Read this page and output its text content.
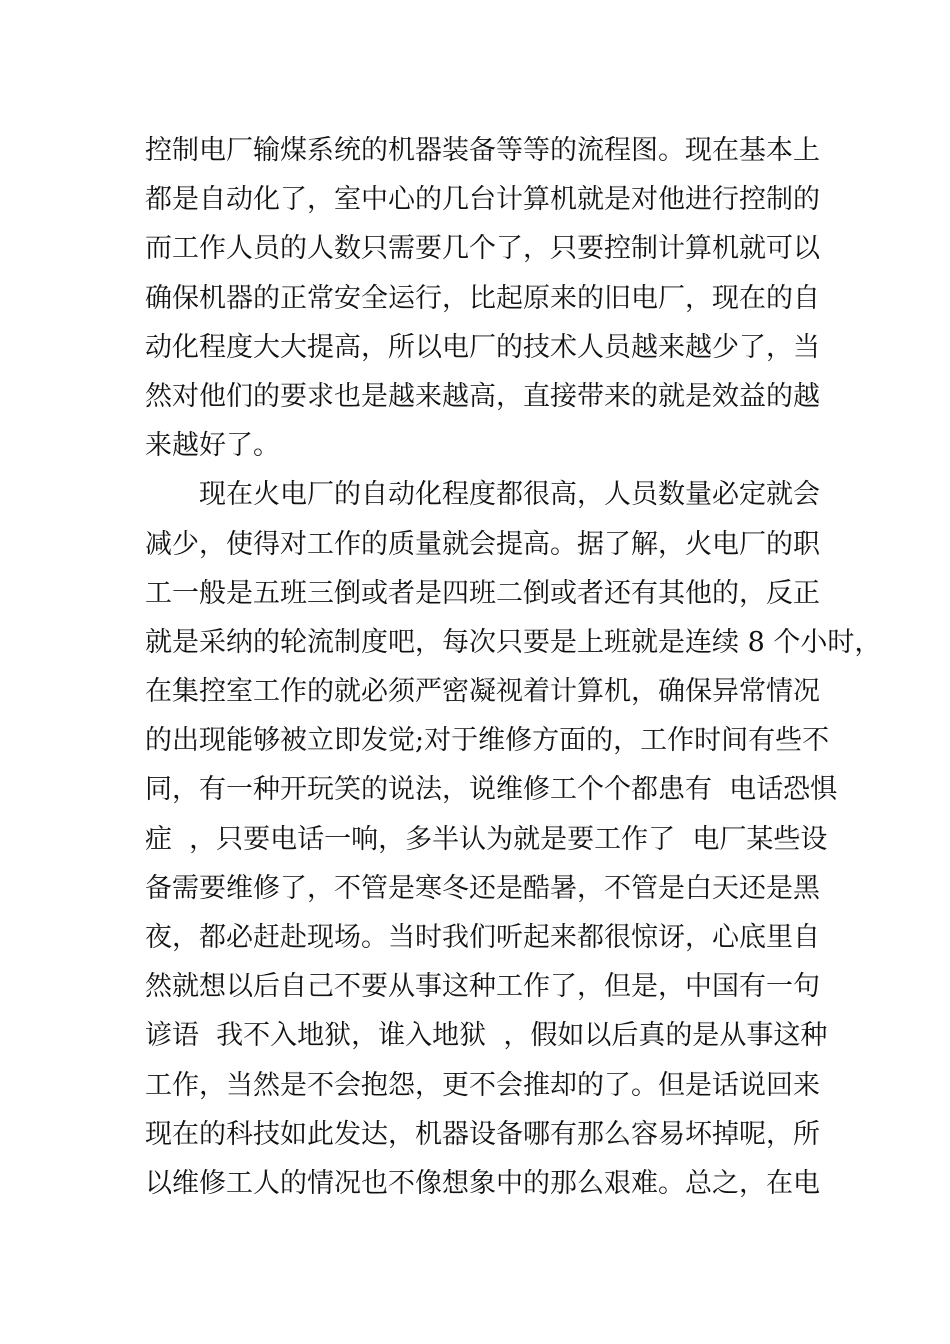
控制电厂输煤系统的机器装备等等的流程图。现在基本上
都是自动化了，室中心的几台计算机就是对他进行控制的
而工作人员的人数只需要几个了，只要控制计算机就可以
确保机器的正常安全运行，比起原来的旧电厂，现在的自
动化程度大大提高，所以电厂的技术人员越来越少了，当
然对他们的要求也是越来越高，直接带来的就是效益的越
来越好了。
　　现在火电厂的自动化程度都很高，人员数量必定就会
减少，使得对工作的质量就会提高。据了解，火电厂的职
工一般是五班三倒或者是四班二倒或者还有其他的，反正
就是采纳的轮流制度吧，每次只要是上班就是连续 8 个小时，
在集控室工作的就必须严密凝视着计算机，确保异常情况
的出现能够被立即发觉;对于维修方面的，工作时间有些不
同，有一种开玩笑的说法，说维修工个个都患有  电话恐惧
症  ，只要电话一响，多半认为就是要工作了  电厂某些设
备需要维修了，不管是寒冬还是酷暑，不管是白天还是黑
夜，都必赶赴现场。当时我们听起来都很惊讶，心底里自
然就想以后自己不要从事这种工作了，但是，中国有一句
谚语  我不入地狱，谁入地狱  ，假如以后真的是从事这种
工作，当然是不会抱怨，更不会推却的了。但是话说回来
现在的科技如此发达，机器设备哪有那么容易坏掉呢，所
以维修工人的情况也不像想象中的那么艰难。总之，在电
